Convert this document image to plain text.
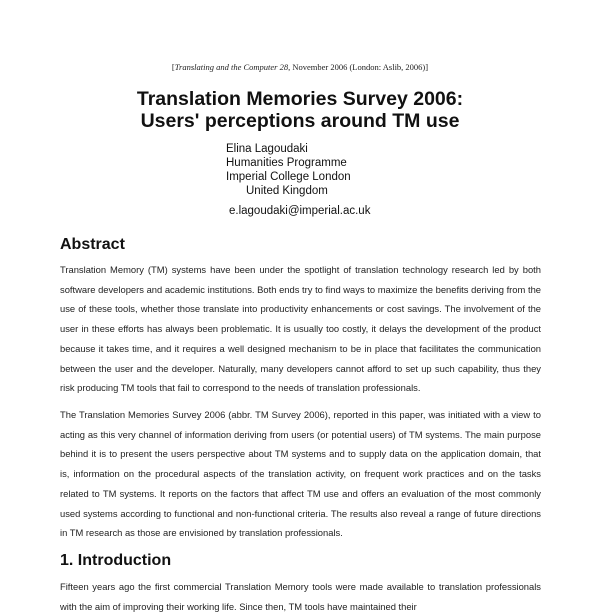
[Translating and the Computer 28, November 2006 (London: Aslib, 2006)]
Translation Memories Survey 2006:
Users' perceptions around TM use
Elina Lagoudaki
Humanities Programme
Imperial College London
United Kingdom
e.lagoudaki@imperial.ac.uk
Abstract

Translation Memory (TM) systems have been under the spotlight of translation technology research led by both software developers and academic institutions. Both ends try to find ways to maximize the benefits deriving from the use of these tools, whether those translate into productivity enhancements or cost savings. The involvement of the user in these efforts has always been problematic. It is usually too costly, it delays the development of the product because it takes time, and it requires a well designed mechanism to be in place that facilitates the communication between the user and the developer. Naturally, many developers cannot afford to set up such capability, thus they risk producing TM tools that fail to correspond to the needs of translation professionals.

The Translation Memories Survey 2006 (abbr. TM Survey 2006), reported in this paper, was initiated with a view to acting as this very channel of information deriving from users (or potential users) of TM systems. The main purpose behind it is to present the users perspective about TM systems and to supply data on the application domain, that is, information on the procedural aspects of the translation activity, on frequent work practices and on the tasks related to TM systems. It reports on the factors that affect TM use and offers an evaluation of the most commonly used systems according to functional and non-functional criteria. The results also reveal a range of future directions in TM research as those are envisioned by translation professionals.

1. Introduction

Fifteen years ago the first commercial Translation Memory tools were made available to translation professionals with the aim of improving their working life. Since then, TM tools have maintained their
